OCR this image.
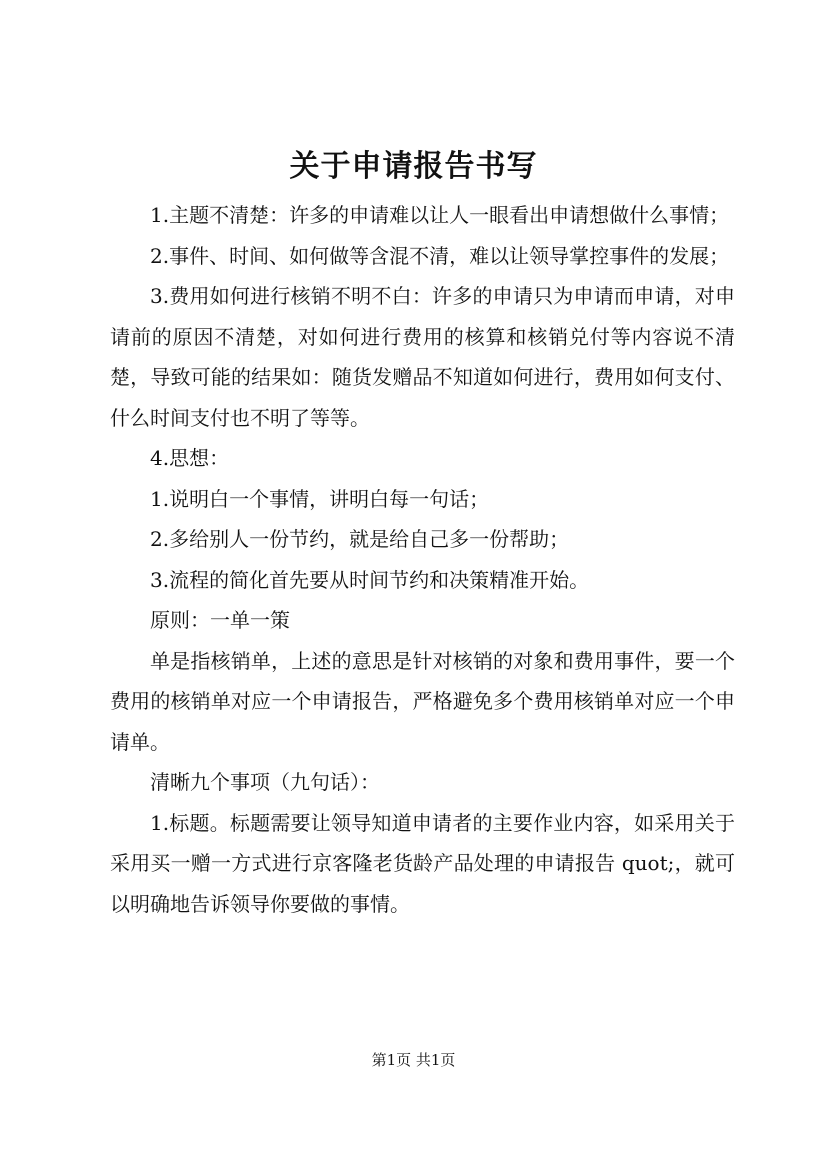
关于申请报告书写

1.主题不清楚：许多的申请难以让人一眼看出申请想做什么事情；

2.事件、时间、如何做等含混不清，难以让领导掌控事件的发展；

3.费用如何进行核销不明不白：许多的申请只为申请而申请，对申请前的原因不清楚，对如何进行费用的核算和核销兑付等内容说不清楚，导致可能的结果如：随货发赠品不知道如何进行，费用如何支付、什么时间支付也不明了等等。

4.思想：

1.说明白一个事情，讲明白每一句话；

2.多给别人一份节约，就是给自己多一份帮助；

3.流程的简化首先要从时间节约和决策精准开始。

原则：一单一策

单是指核销单，上述的意思是针对核销的对象和费用事件，要一个费用的核销单对应一个申请报告，严格避免多个费用核销单对应一个申请单。

清晰九个事项（九句话）：

1.标题。标题需要让领导知道申请者的主要作业内容，如采用关于采用买一赠一方式进行京客隆老货龄产品处理的申请报告 quot;，就可以明确地告诉领导你要做的事情。

第1页 共1页
